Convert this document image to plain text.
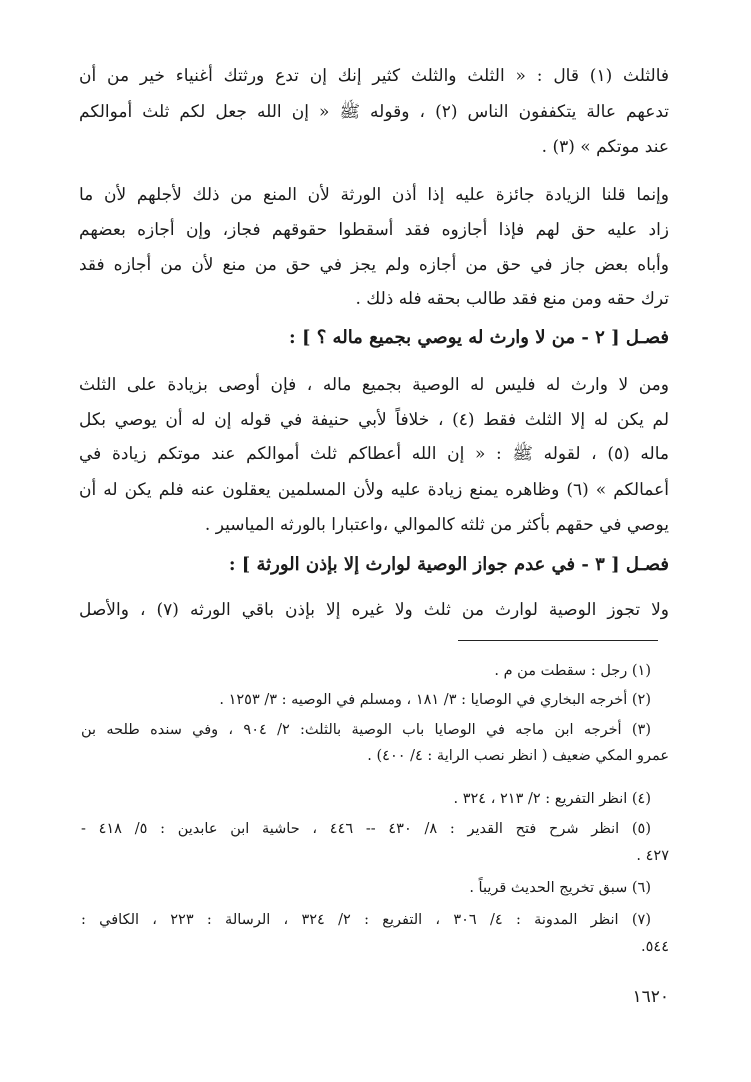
فالثلث (١) قال : « الثلث والثلث كثير إنك إن تدع ورثتك أغنياء خير من أن
تدعهم عالة يتكففون الناس (٢) ، وقوله ﷺ « إن الله جعل لكم ثلث أموالكم
عند موتكم » (٣) .
وإنما قلنا الزيادة جائزة عليه إذا أذن الورثة لأن المنع من ذلك لأجلهم لأن ما
زاد عليه حق لهم فإذا أجازوه فقد أسقطوا حقوقهم فجاز، وإن أجازه بعضهم
وأباه بعض جاز في حق من أجازه ولم يجز في حق من منع لأن من أجازه فقد
ترك حقه ومن منع فقد طالب بحقه فله ذلك .
فصـل [ ٢ - من لا وارث له يوصي بجميع ماله ؟ ] :
ومن لا وارث له فليس له الوصية بجميع ماله ، فإن أوصى بزيادة على الثلث
لم يكن له إلا الثلث فقط (٤) ، خلافاً لأبي حنيفة في قوله إن له أن يوصي بكل
ماله (٥) ، لقوله ﷺ : « إن الله أعطاكم ثلث أموالكم عند موتكم زيادة في
أعمالكم » (٦) وظاهره يمنع زيادة عليه ولأن المسلمين يعقلون عنه فلم يكن له أن
يوصي في حقهم بأكثر من ثلثه كالموالي ،واعتبارا بالورثه المياسير .
فصـل [ ٣ - في عدم جواز الوصية لوارث إلا بإذن الورثة ] :
ولا تجوز الوصية لوارث من ثلث ولا غيره إلا بإذن باقي الورثه (٧) ، والأصل
(١) رجل : سقطت من م .
(٢) أخرجه البخاري في الوصايا : ٣/ ١٨١ ، ومسلم في الوصيه : ٣/ ١٢٥٣ .
(٣) أخرجه ابن ماجه في الوصايا باب الوصية بالثلث: ٢/ ٩٠٤ ، وفي سنده طلحه بن
عمرو المكي ضعيف ( انظر نصب الراية : ٤/ ٤٠٠) .
(٤) انظر التفريع : ٢/ ٢١٣ ، ٣٢٤ .
(٥) انظر شرح فتح القدير : ٨/ ٤٣٠ -- ٤٤٦ ، حاشية ابن عابدين : ٥/ ٤١٨ -
٤٢٧ .
(٦) سبق تخريج الحديث قريباً .
(٧) انظر المدونة : ٤/ ٣٠٦ ، التفريع : ٢/ ٣٢٤ ، الرسالة : ٢٢٣ ، الكافي :
٥٤٤.
١٦٢٠
